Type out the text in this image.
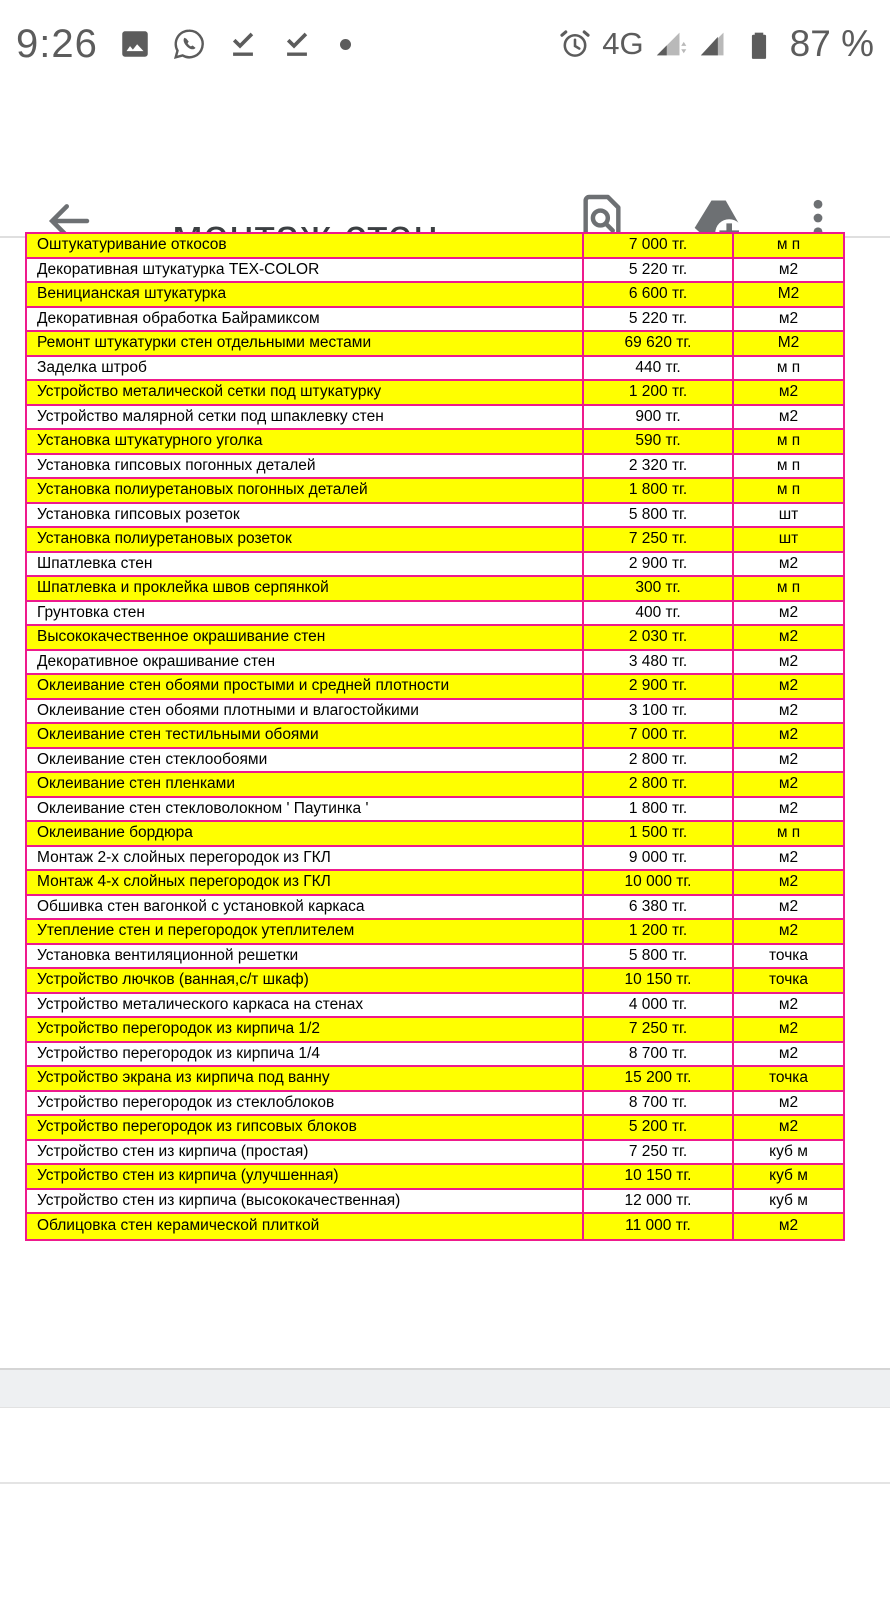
9:26	4G	87 %
Оштукатуривание откосов	7 000 тг.	м п
Декоративная штукатурка TEX-COLOR	5 220 тг.	м2
Веницианская штукатурка	6 600 тг.	М2
Декоративная обработка Байрамиксом	5 220 тг.	м2
Ремонт штукатурки стен отдельными местами	69 620 тг.	М2
Заделка штроб	440 тг.	м п
Устройство металической сетки под штукатурку	1 200 тг.	м2
Устройство малярной сетки под шпаклевку стен	900 тг.	м2
Установка штукатурного уголка	590 тг.	м п
Установка гипсовых погонных деталей	2 320 тг.	м п
Установка полиуретановых погонных деталей	1 800 тг.	м п
Установка гипсовых розеток	5 800 тг.	шт
Установка полиуретановых розеток	7 250 тг.	шт
Шпатлевка стен	2 900 тг.	м2
Шпатлевка и проклейка швов серпянкой	300 тг.	м п
Грунтовка стен	400 тг.	м2
Высококачественное окрашивание стен	2 030 тг.	м2
Декоративное окрашивание стен	3 480 тг.	м2
Оклеивание стен обоями простыми и средней плотности	2 900 тг.	м2
Оклеивание стен обоями плотными и влагостойкими	3 100 тг.	м2
Оклеивание стен тестильными обоями	7 000 тг.	м2
Оклеивание стен стеклообоями	2 800 тг.	м2
Оклеивание стен пленками	2 800 тг.	м2
Оклеивание стен стекловолокном ' Паутинка '	1 800 тг.	м2
Оклеивание бордюра	1 500 тг.	м п
Монтаж 2-х слойных перегородок из ГКЛ	9 000 тг.	м2
Монтаж 4-х слойных перегородок из ГКЛ	10 000 тг.	м2
Обшивка стен вагонкой с установкой каркаса	6 380 тг.	м2
Утепление стен и перегородок утеплителем	1 200 тг.	м2
Установка вентиляционной решетки	5 800 тг.	точка
Устройство лючков (ванная,с/т шкаф)	10 150 тг.	точка
Устройство металического каркаса на стенах	4 000 тг.	м2
Устройство перегородок из кирпича 1/2	7 250 тг.	м2
Устройство перегородок из кирпича 1/4	8 700 тг.	м2
Устройство экрана из кирпича под ванну	15 200 тг.	точка
Устройство перегородок из стеклоблоков	8 700 тг.	м2
Устройство перегородок из гипсовых блоков	5 200 тг.	м2
Устройство стен из кирпича (простая)	7 250 тг.	куб м
Устройство стен из кирпича (улучшенная)	10 150 тг.	куб м
Устройство стен из кирпича (высококачественная)	12 000 тг.	куб м
Облицовка стен керамической плиткой	11 000 тг.	м2
